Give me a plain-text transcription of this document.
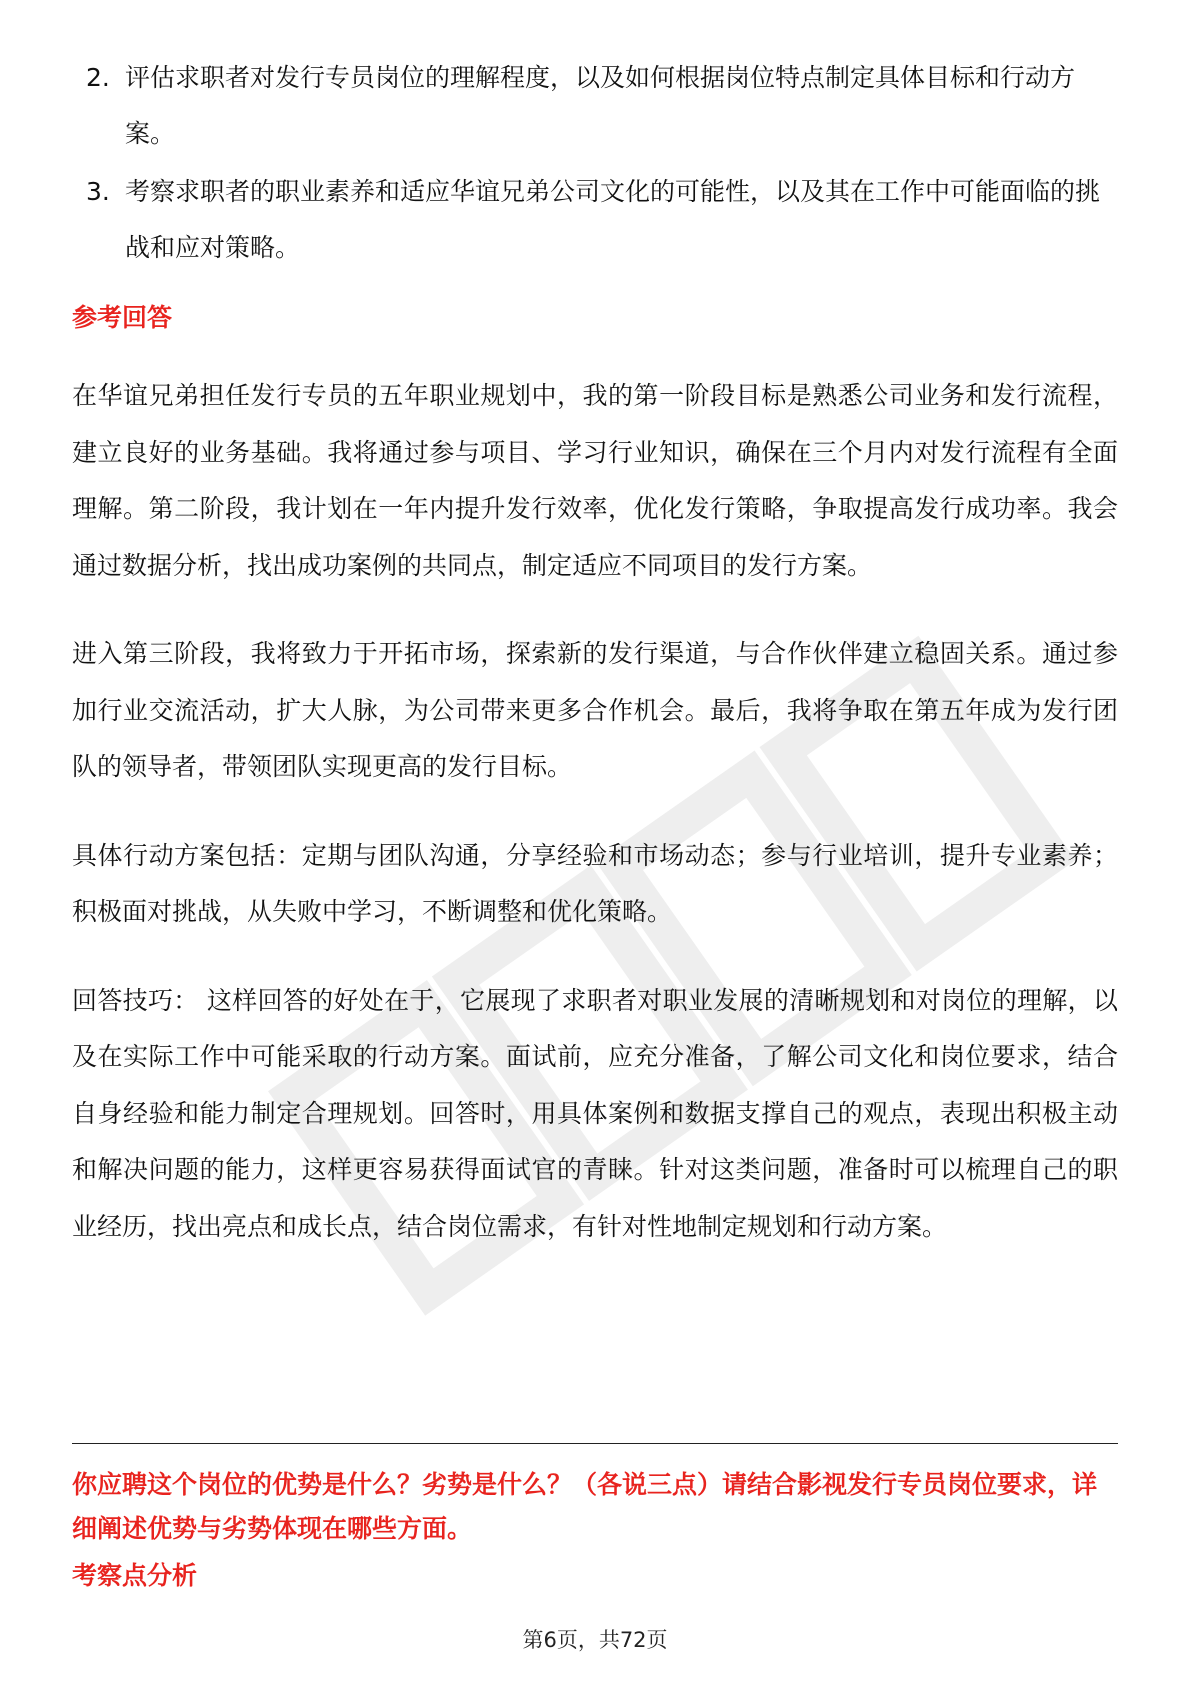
2. 评估求职者对发行专员岗位的理解程度，以及如何根据岗位特点制定具体目标和行动方案。
3. 考察求职者的职业素养和适应华谊兄弟公司文化的可能性，以及其在工作中可能面临的挑战和应对策略。
参考回答

在华谊兄弟担任发行专员的五年职业规划中，我的第一阶段目标是熟悉公司业务和发行流程，建立良好的业务基础。我将通过参与项目、学习行业知识，确保在三个月内对发行流程有全面理解。第二阶段，我计划在一年内提升发行效率，优化发行策略，争取提高发行成功率。我会通过数据分析，找出成功案例的共同点，制定适应不同项目的发行方案。

进入第三阶段，我将致力于开拓市场，探索新的发行渠道，与合作伙伴建立稳固关系。通过参加行业交流活动，扩大人脉，为公司带来更多合作机会。最后，我将争取在第五年成为发行团队的领导者，带领团队实现更高的发行目标。

具体行动方案包括：定期与团队沟通，分享经验和市场动态；参与行业培训，提升专业素养；积极面对挑战，从失败中学习，不断调整和优化策略。

回答技巧： 这样回答的好处在于，它展现了求职者对职业发展的清晰规划和对岗位的理解，以及在实际工作中可能采取的行动方案。面试前，应充分准备，了解公司文化和岗位要求，结合自身经验和能力制定合理规划。回答时，用具体案例和数据支撑自己的观点，表现出积极主动和解决问题的能力，这样更容易获得面试官的青睐。针对这类问题，准备时可以梳理自己的职业经历，找出亮点和成长点，结合岗位需求，有针对性地制定规划和行动方案。

你应聘这个岗位的优势是什么？劣势是什么？（各说三点）请结合影视发行专员岗位要求，详细阐述优势与劣势体现在哪些方面。
考察点分析
第6页，共72页
